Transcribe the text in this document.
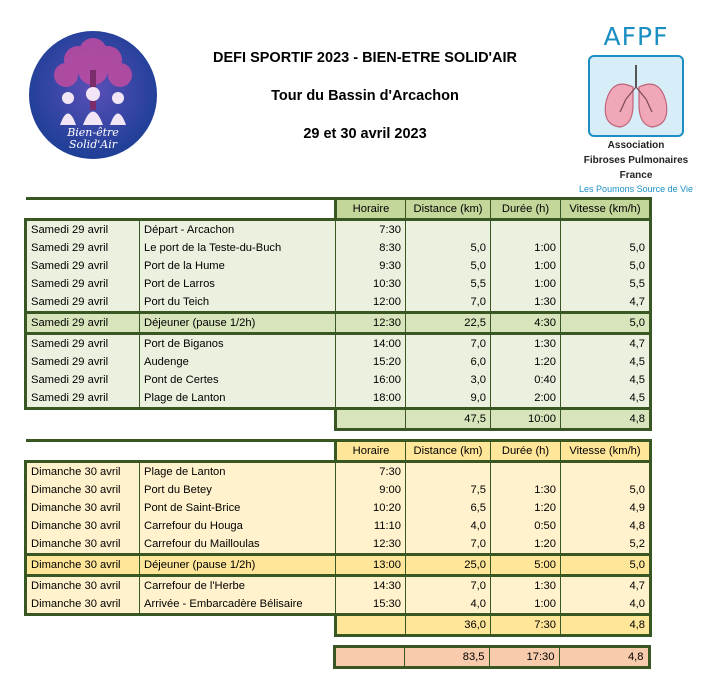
Bien-être
Solid'Air
DEFI SPORTIF 2023 - BIEN-ETRE SOLID'AIR
Tour du Bassin d'Arcachon
29 et 30 avril 2023
AFPF
Association
Fibroses Pulmonaires
France
Les Poumons Source de Vie
		Horaire	Distance (km)	Durée (h)	Vitesse (km/h)
Samedi 29 avril	Départ - Arcachon	7:30			
Samedi 29 avril	Le port de la Teste-du-Buch	8:30	5,0	1:00	5,0
Samedi 29 avril	Port de la Hume	9:30	5,0	1:00	5,0
Samedi 29 avril	Port de Larros	10:30	5,5	1:00	5,5
Samedi 29 avril	Port du Teich	12:00	7,0	1:30	4,7
Samedi 29 avril	Déjeuner (pause 1/2h)	12:30	22,5	4:30	5,0
Samedi 29 avril	Port de Biganos	14:00	7,0	1:30	4,7
Samedi 29 avril	Audenge	15:20	6,0	1:20	4,5
Samedi 29 avril	Pont de Certes	16:00	3,0	0:40	4,5
Samedi 29 avril	Plage de Lanton	18:00	9,0	2:00	4,5
			47,5	10:00	4,8
		Horaire	Distance (km)	Durée (h)	Vitesse (km/h)
Dimanche 30 avril	Plage de Lanton	7:30			
Dimanche 30 avril	Port du Betey	9:00	7,5	1:30	5,0
Dimanche 30 avril	Pont de Saint-Brice	10:20	6,5	1:20	4,9
Dimanche 30 avril	Carrefour du Houga	11:10	4,0	0:50	4,8
Dimanche 30 avril	Carrefour du Mailloulas	12:30	7,0	1:20	5,2
Dimanche 30 avril	Déjeuner (pause 1/2h)	13:00	25,0	5:00	5,0
Dimanche 30 avril	Carrefour de l'Herbe	14:30	7,0	1:30	4,7
Dimanche 30 avril	Arrivée - Embarcadère Bélisaire	15:30	4,0	1:00	4,0
			36,0	7:30	4,8
			83,5	17:30	4,8
